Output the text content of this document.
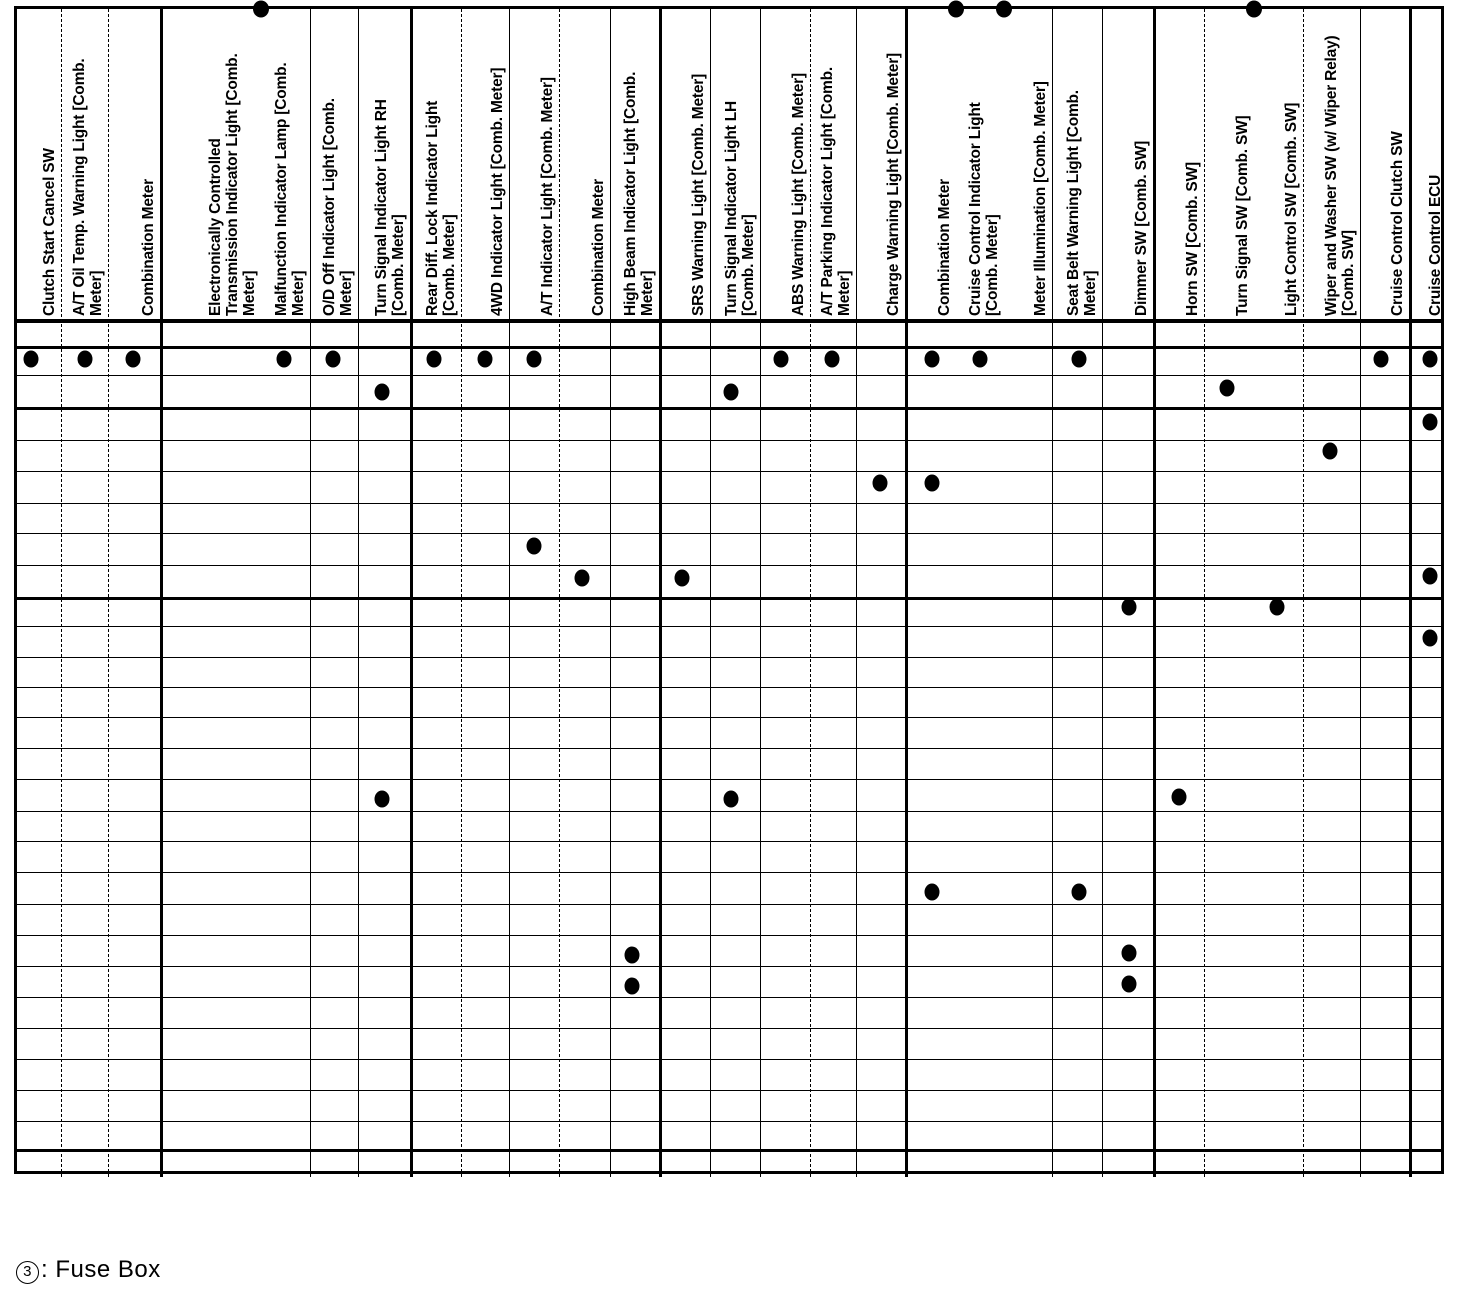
Clutch Start Cancel SW A/T Oil Temp. Warning Light [Comb. Meter] Combination Meter	Electronically Controlled Transmission Indicator Light [Comb. Meter] Malfunction Indicator Lamp [Comb. Meter] O/D Off Indicator Light [Comb. Meter] Turn Signal Indicator Light RH [Comb. Meter] Rear Diff. Lock Indicator Light [Comb. Meter] 4WD Indicator Light [Comb. Meter] A/T Indicator Light [Comb. Meter] Combination Meter High Beam Indicator Light [Comb. Meter] SRS Warning Light [Comb. Meter] Turn Signal Indicator Light LH [Comb. Meter] ABS Warning Light [Comb. Meter] A/T Parking Indicator Light [Comb. Meter] Charge Warning Light [Comb. Meter] Combination Meter Cruise Control Indicator Light [Comb. Meter] Meter Illumination [Comb. Meter] Seat Belt Warning Light [Comb. Meter] Dimmer SW [Comb. SW] Horn SW [Comb. SW] Turn Signal SW [Comb. SW] Light Control SW [Comb. SW] Wiper and Washer SW (w/ Wiper Relay) [Comb. SW] Cruise Control Clutch SW Cruise Control ECU
3 : Fuse Box
